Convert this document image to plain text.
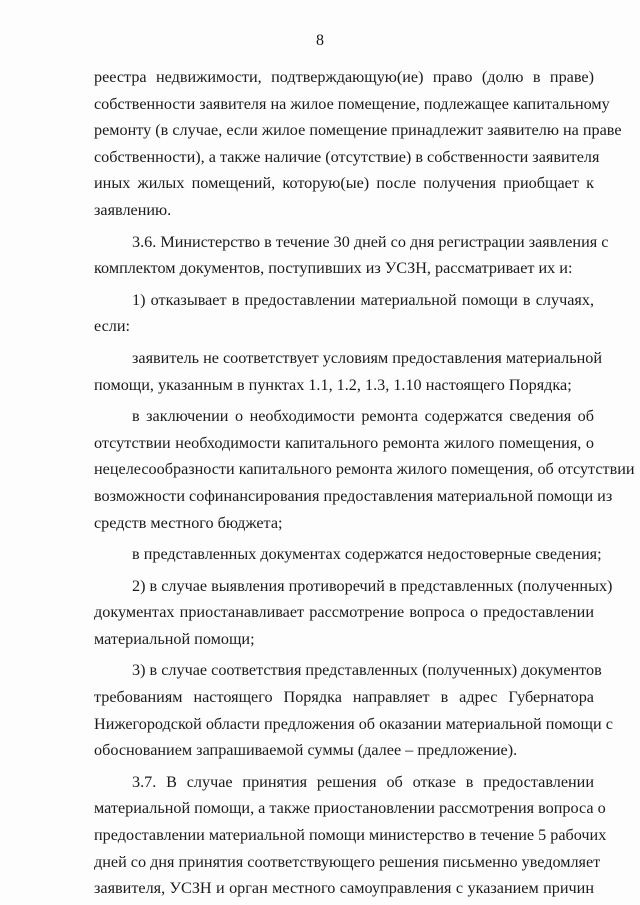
8
реестра недвижимости, подтверждающую(ие) право (долю в праве)
собственности заявителя на жилое помещение, подлежащее капитальному
ремонту (в случае, если жилое помещение принадлежит заявителю на праве
собственности), а также наличие (отсутствие) в собственности заявителя
иных жилых помещений, которую(ые) после получения приобщает к
заявлению.
3.6. Министерство в течение 30 дней со дня регистрации заявления с
комплектом документов, поступивших из УСЗН, рассматривает их и:
1) отказывает в предоставлении материальной помощи в случаях,
если:
заявитель не соответствует условиям предоставления материальной
помощи, указанным в пунктах 1.1, 1.2, 1.3, 1.10 настоящего Порядка;
в заключении о необходимости ремонта содержатся сведения об
отсутствии необходимости капитального ремонта жилого помещения, о
нецелесообразности капитального ремонта жилого помещения, об отсутствии
возможности софинансирования предоставления материальной помощи из
средств местного бюджета;
в представленных документах содержатся недостоверные сведения;
2) в случае выявления противоречий в представленных (полученных)
документах приостанавливает рассмотрение вопроса о предоставлении
материальной помощи;
3) в случае соответствия представленных (полученных) документов
требованиям настоящего Порядка направляет в адрес Губернатора
Нижегородской области предложения об оказании материальной помощи с
обоснованием запрашиваемой суммы (далее – предложение).
3.7. В случае принятия решения об отказе в предоставлении
материальной помощи, а также приостановлении рассмотрения вопроса о
предоставлении материальной помощи министерство в течение 5 рабочих
дней со дня принятия соответствующего решения письменно уведомляет
заявителя, УСЗН и орган местного самоуправления с указанием причин
